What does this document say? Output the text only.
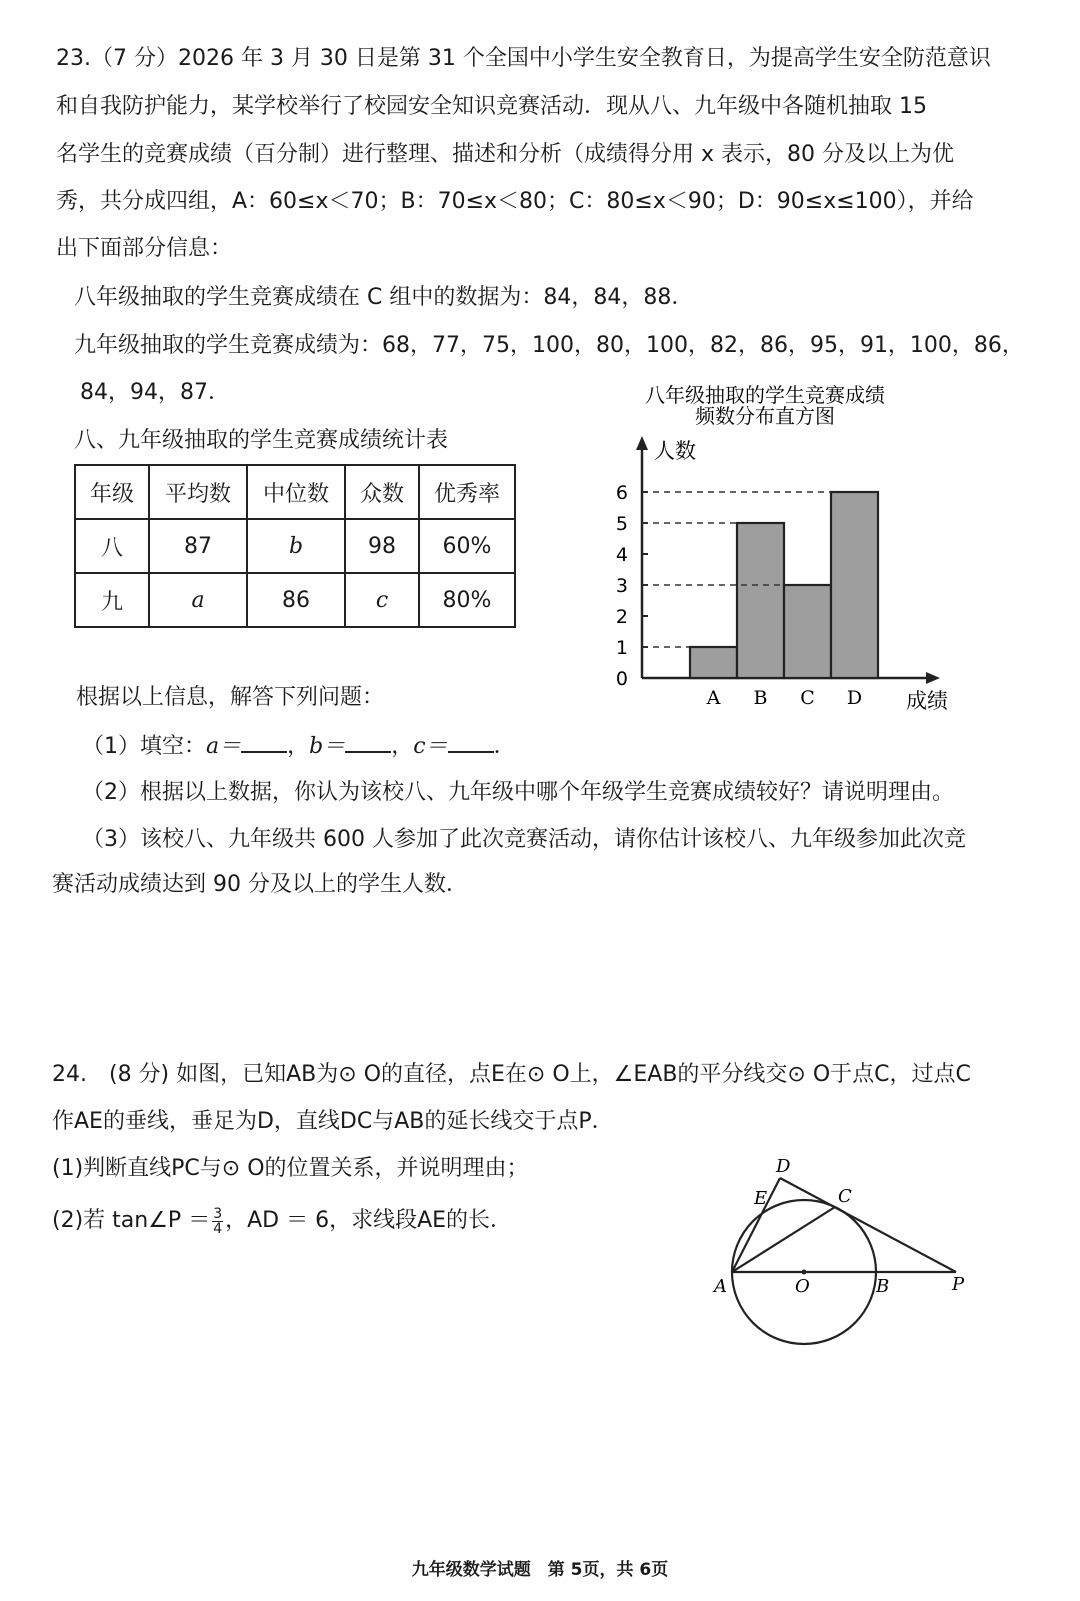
23.（7 分）2026 年 3 月 30 日是第 31 个全国中小学生安全教育日，为提高学生安全防范意识
和自我防护能力，某学校举行了校园安全知识竞赛活动．现从八、九年级中各随机抽取 15
名学生的竞赛成绩（百分制）进行整理、描述和分析（成绩得分用 x 表示，80 分及以上为优
秀，共分成四组，A：60≤x＜70；B：70≤x＜80；C：80≤x＜90；D：90≤x≤100），并给
出下面部分信息：
八年级抽取的学生竞赛成绩在 C 组中的数据为：84，84，88．
九年级抽取的学生竞赛成绩为：68，77，75，100，80，100，82，86，95，91，100，86，
84，94，87．
八、九年级抽取的学生竞赛成绩统计表
年级	平均数	中位数	众数	优秀率
八	87	b	98	60%
九	a	86	c	80%
八年级抽取的学生竞赛成绩
频数分布直方图
人数
成绩
0
1
2
3
4
5
6
A B C D
根据以上信息，解答下列问题：
（1）填空：a＝ ，b＝ ，c＝ ．
（2）根据以上数据，你认为该校八、九年级中哪个年级学生竞赛成绩较好？请说明理由。
（3）该校八、九年级共 600 人参加了此次竞赛活动，请你估计该校八、九年级参加此次竞
赛活动成绩达到 90 分及以上的学生人数．
24.　(8 分) 如图，已知AB为⊙ O的直径，点E在⊙ O上，∠EAB的平分线交⊙ O于点C，过点C
作AE的垂线，垂足为D，直线DC与AB的延长线交于点P．
(1)判断直线PC与⊙ O的位置关系，并说明理由；
(2)若 tan∠P ＝ $\frac{3}{4}$ ，AD ＝ 6，求线段AE的长．
D
E	C
A	O	B	P
九年级数学试题　第 5页，共 6页
